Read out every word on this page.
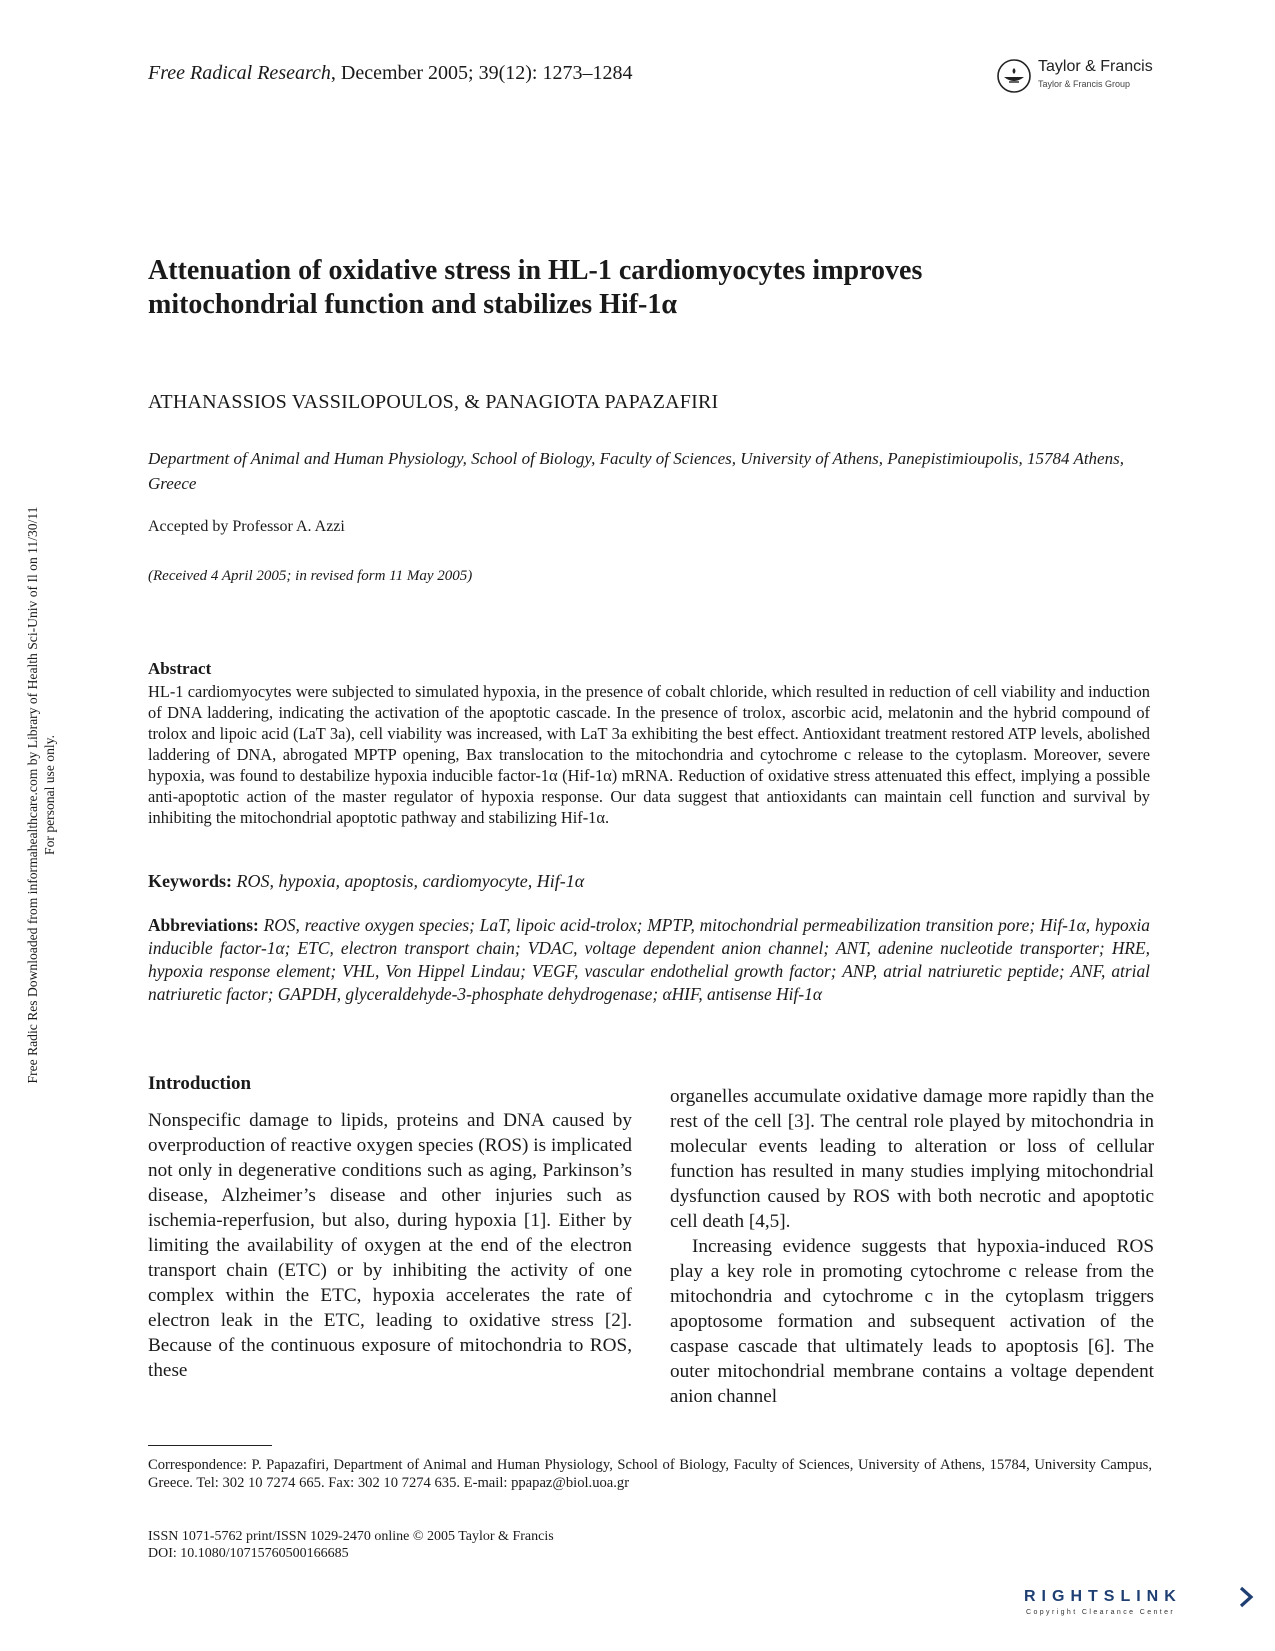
Free Radical Research, December 2005; 39(12): 1273–1284	Taylor & Francis
Taylor & Francis Group
Attenuation of oxidative stress in HL-1 cardiomyocytes improves
mitochondrial function and stabilizes Hif-1α
ATHANASSIOS VASSILOPOULOS, & PANAGIOTA PAPAZAFIRI
Department of Animal and Human Physiology, School of Biology, Faculty of Sciences, University of Athens, Panepistimioupolis, 15784 Athens, Greece
Accepted by Professor A. Azzi
(Received 4 April 2005; in revised form 11 May 2005)
Abstract
HL-1 cardiomyocytes were subjected to simulated hypoxia, in the presence of cobalt chloride, which resulted in reduction of cell viability and induction of DNA laddering, indicating the activation of the apoptotic cascade. In the presence of trolox, ascorbic acid, melatonin and the hybrid compound of trolox and lipoic acid (LaT 3a), cell viability was increased, with LaT 3a exhibiting the best effect. Antioxidant treatment restored ATP levels, abolished laddering of DNA, abrogated MPTP opening, Bax translocation to the mitochondria and cytochrome c release to the cytoplasm. Moreover, severe hypoxia, was found to destabilize hypoxia inducible factor-1α (Hif-1α) mRNA. Reduction of oxidative stress attenuated this effect, implying a possible anti-apoptotic action of the master regulator of hypoxia response. Our data suggest that antioxidants can maintain cell function and survival by inhibiting the mitochondrial apoptotic pathway and stabilizing Hif-1α.
Keywords: ROS, hypoxia, apoptosis, cardiomyocyte, Hif-1α
Abbreviations: ROS, reactive oxygen species; LaT, lipoic acid-trolox; MPTP, mitochondrial permeabilization transition pore; Hif-1α, hypoxia inducible factor-1α; ETC, electron transport chain; VDAC, voltage dependent anion channel; ANT, adenine nucleotide transporter; HRE, hypoxia response element; VHL, Von Hippel Lindau; VEGF, vascular endothelial growth factor; ANP, atrial natriuretic peptide; ANF, atrial natriuretic factor; GAPDH, glyceraldehyde-3-phosphate dehydrogenase; αHIF, antisense Hif-1α
Introduction
Nonspecific damage to lipids, proteins and DNA caused by overproduction of reactive oxygen species (ROS) is implicated not only in degenerative conditions such as aging, Parkinson’s disease, Alzheimer’s disease and other injuries such as ischemia-reperfusion, but also, during hypoxia [1]. Either by limiting the availability of oxygen at the end of the electron transport chain (ETC) or by inhibiting the activity of one complex within the ETC, hypoxia accelerates the rate of electron leak in the ETC, leading to oxidative stress [2]. Because of the continuous exposure of mitochondria to ROS, these
organelles accumulate oxidative damage more rapidly than the rest of the cell [3]. The central role played by mitochondria in molecular events leading to alteration or loss of cellular function has resulted in many studies implying mitochondrial dysfunction caused by ROS with both necrotic and apoptotic cell death [4,5].
Increasing evidence suggests that hypoxia-induced ROS play a key role in promoting cytochrome c release from the mitochondria and cytochrome c in the cytoplasm triggers apoptosome formation and subsequent activation of the caspase cascade that ultimately leads to apoptosis [6]. The outer mitochondrial membrane contains a voltage dependent anion channel
Correspondence: P. Papazafiri, Department of Animal and Human Physiology, School of Biology, Faculty of Sciences, University of Athens, 15784, University Campus, Greece. Tel: 302 10 7274 665. Fax: 302 10 7274 635. E-mail: ppapaz@biol.uoa.gr
ISSN 1071-5762 print/ISSN 1029-2470 online © 2005 Taylor & Francis
DOI: 10.1080/10715760500166685
Free Radic Res Downloaded from informahealthcare.com by Library of Health Sci-Univ of Il on 11/30/11 For personal use only.
RIGHTSLINK
Copyright Clearance Center
